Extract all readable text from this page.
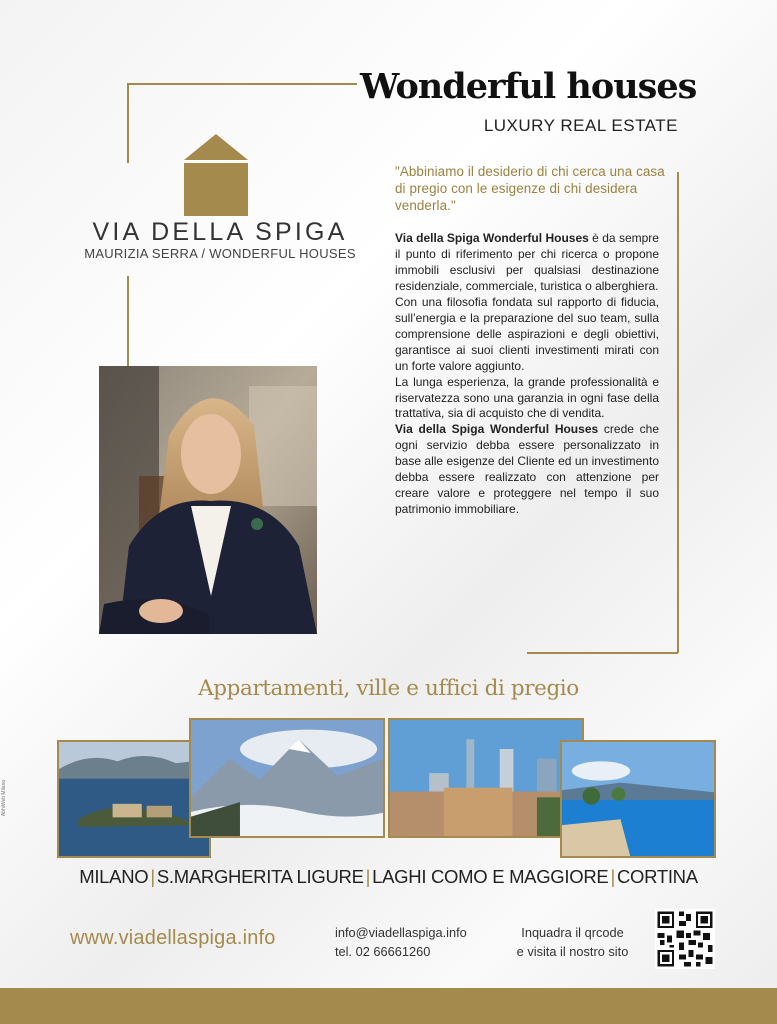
Wonderful houses
LUXURY REAL ESTATE
VIA DELLA SPIGA
MAURIZIA SERRA / WONDERFUL HOUSES
"Abbiniamo il desiderio di chi cerca una casa di pregio con le esigenze di chi desidera venderla."

Via della Spiga Wonderful Houses è da sempre il punto di riferimento per chi ricerca o propone immobili esclusivi per qualsiasi destinazione residenziale, commerciale, turistica o alberghiera.

Con una filosofia fondata sul rapporto di fiducia, sull’energia e la preparazione del suo team, sulla comprensione delle aspirazioni e degli obiettivi, garantisce ai suoi clienti investimenti mirati con un forte valore aggiunto.

La lunga esperienza, la grande professionalità e riservatezza sono una garanzia in ogni fase della trattativa, sia di acquisto che di vendita.

Via della Spiga Wonderful Houses crede che ogni servizio debba essere personalizzato in base alle esigenze del Cliente ed un investimento debba essere realizzato con attenzione per creare valore e proteggere nel tempo il suo patrimonio immobiliare.

Appartamenti, ville e uffici di pregio
AbhiWeb Milano
MILANO | S.MARGHERITA LIGURE | LAGHI COMO E MAGGIORE | CORTINA
www.viadellaspiga.info	info@viadellaspiga.info
tel. 02 66661260
Inquadra il qrcode
e visita il nostro sito
